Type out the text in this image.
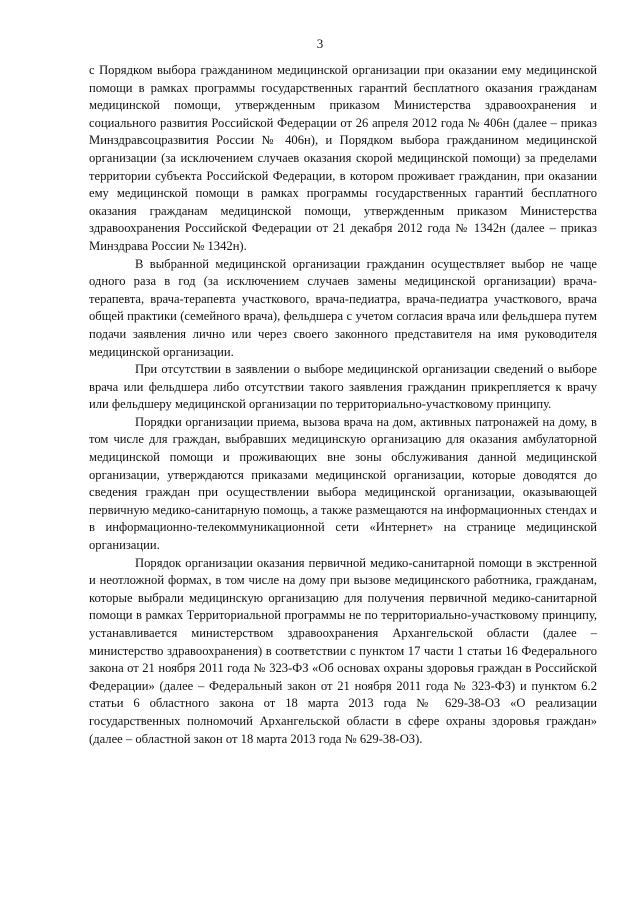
3

с Порядком выбора гражданином медицинской организации при оказании ему медицинской помощи в рамках программы государственных гарантий бесплатного оказания гражданам медицинской помощи, утвержденным приказом Министерства здравоохранения и социального развития Российской Федерации от 26 апреля 2012 года № 406н (далее – приказ Минздравсоцразвития России № 406н), и Порядком выбора гражданином медицинской организации (за исключением случаев оказания скорой медицинской помощи) за пределами территории субъекта Российской Федерации, в котором проживает гражданин, при оказании ему медицинской помощи в рамках программы государственных гарантий бесплатного оказания гражданам медицинской помощи, утвержденным приказом Министерства здравоохранения Российской Федерации от 21 декабря 2012 года № 1342н (далее – приказ Минздрава России № 1342н).

В выбранной медицинской организации гражданин осуществляет выбор не чаще одного раза в год (за исключением случаев замены медицинской организации) врача-терапевта, врача-терапевта участкового, врача-педиатра, врача-педиатра участкового, врача общей практики (семейного врача), фельдшера с учетом согласия врача или фельдшера путем подачи заявления лично или через своего законного представителя на имя руководителя медицинской организации.

При отсутствии в заявлении о выборе медицинской организации сведений о выборе врача или фельдшера либо отсутствии такого заявления гражданин прикрепляется к врачу или фельдшеру медицинской организации по территориально-участковому принципу.

Порядки организации приема, вызова врача на дом, активных патронажей на дому, в том числе для граждан, выбравших медицинскую организацию для оказания амбулаторной медицинской помощи и проживающих вне зоны обслуживания данной медицинской организации, утверждаются приказами медицинской организации, которые доводятся до сведения граждан при осуществлении выбора медицинской организации, оказывающей первичную медико-санитарную помощь, а также размещаются на информационных стендах и в информационно-телекоммуникационной сети «Интернет» на странице медицинской организации.

Порядок организации оказания первичной медико-санитарной помощи в экстренной и неотложной формах, в том числе на дому при вызове медицинского работника, гражданам, которые выбрали медицинскую организацию для получения первичной медико-санитарной помощи в рамках Территориальной программы не по территориально-участковому принципу, устанавливается министерством здравоохранения Архангельской области (далее – министерство здравоохранения) в соответствии с пунктом 17 части 1 статьи 16 Федерального закона от 21 ноября 2011 года № 323-ФЗ «Об основах охраны здоровья граждан в Российской Федерации» (далее – Федеральный закон от 21 ноября 2011 года № 323-ФЗ) и пунктом 6.2 статьи 6 областного закона от 18 марта 2013 года № 629-38-ОЗ «О реализации государственных полномочий Архангельской области в сфере охраны здоровья граждан» (далее – областной закон от 18 марта 2013 года № 629-38-ОЗ).
